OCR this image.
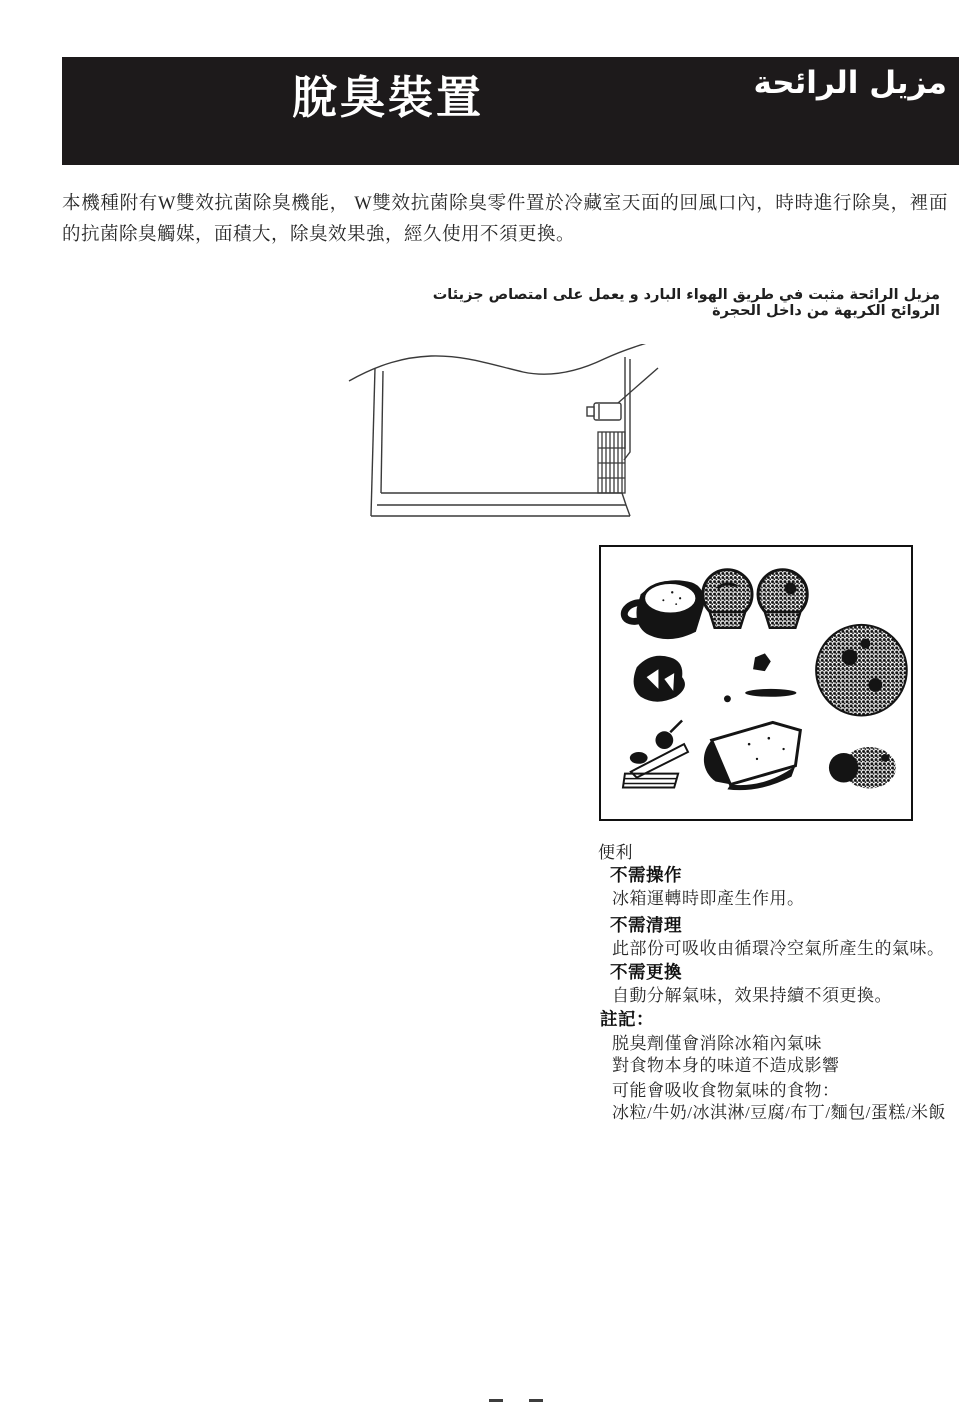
脫臭裝置	مزيل الرائحة
本機種附有W雙效抗菌除臭機能， W雙效抗菌除臭零件置於冷藏室天面的回風口內，時時進行除臭，裡面的抗菌除臭觸媒，面積大，除臭效果強，經久使用不須更換。
مزيل الرائحة مثبت في طريق الهواء البارد و يعمل على امتصاص جزيئات الروائح الكريهة من داخل الحجرة
便利
不需操作
冰箱運轉時即產生作用。
不需清理
此部份可吸收由循環冷空氣所產生的氣味。
不需更換
自動分解氣味，效果持續不須更換。
註記：
脱臭劑僅會消除冰箱內氣味
對食物本身的味道不造成影響
可能會吸收食物氣味的食物：
冰粒/牛奶/冰淇淋/豆腐/布丁/麵包/蛋糕/米飯
